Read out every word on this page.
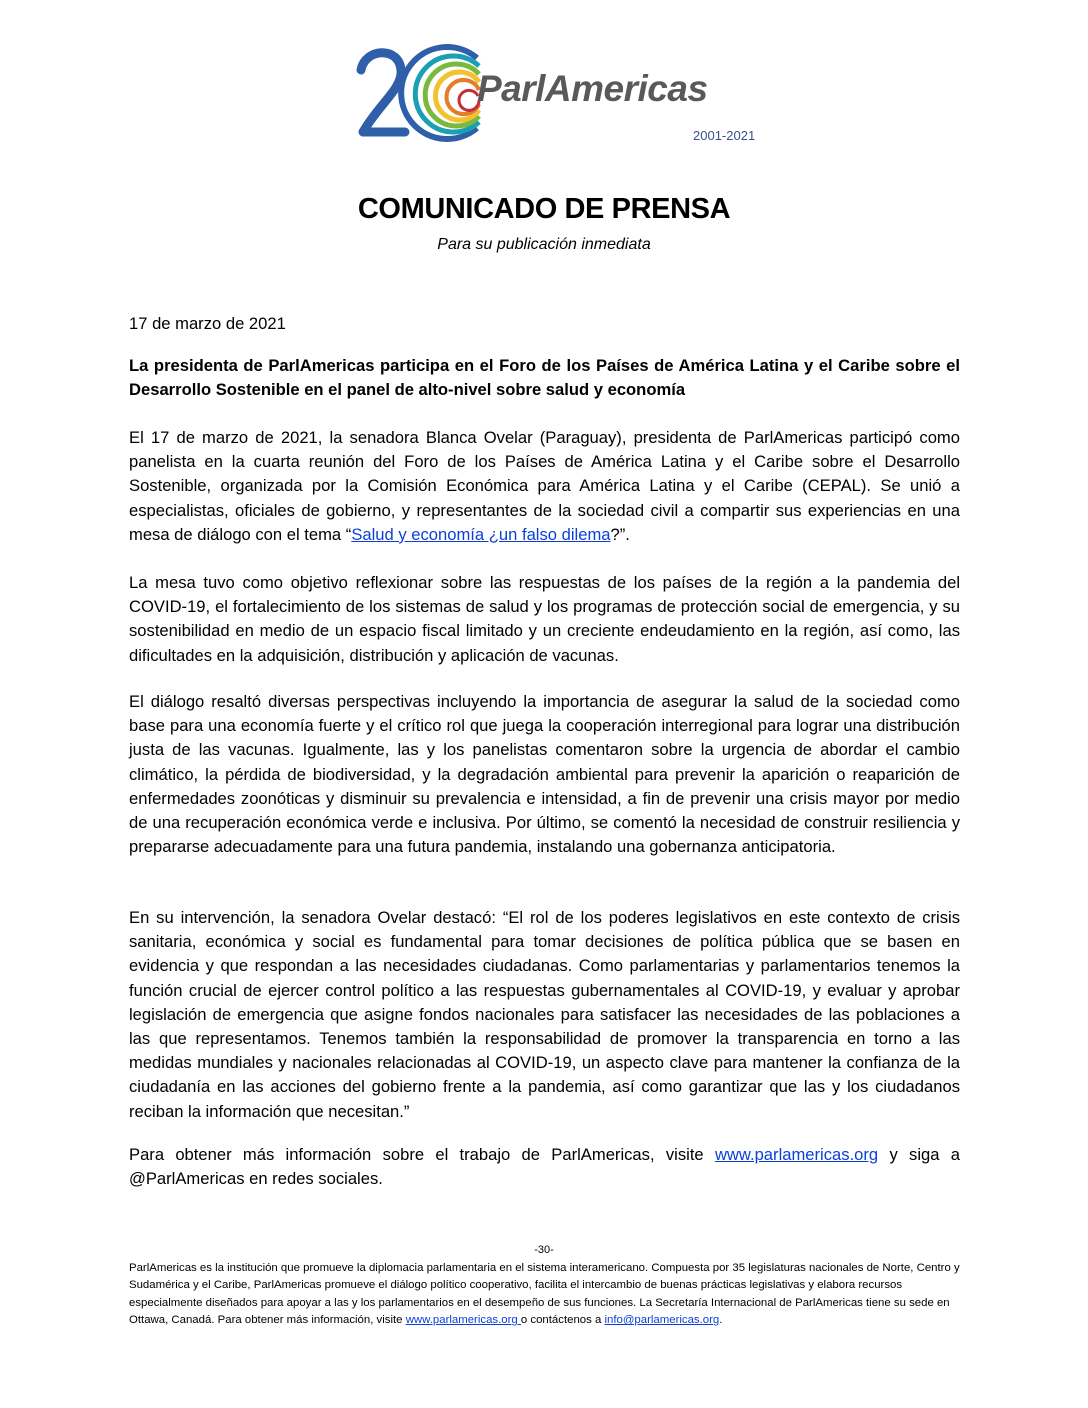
ParlAmericas
2001-2021
COMUNICADO DE PRENSA
Para su publicación inmediata
17 de marzo de 2021
La presidenta de ParlAmericas participa en el Foro de los Países de América Latina y el Caribe sobre el Desarrollo Sostenible en el panel de alto-nivel sobre salud y economía

El 17 de marzo de 2021, la senadora Blanca Ovelar (Paraguay), presidenta de ParlAmericas participó como panelista en la cuarta reunión del Foro de los Países de América Latina y el Caribe sobre el Desarrollo Sostenible, organizada por la Comisión Económica para América Latina y el Caribe (CEPAL). Se unió a especialistas, oficiales de gobierno, y representantes de la sociedad civil a compartir sus experiencias en una mesa de diálogo con el tema “Salud y economía ¿un falso dilema?”.

La mesa tuvo como objetivo reflexionar sobre las respuestas de los países de la región a la pandemia del COVID-19, el fortalecimiento de los sistemas de salud y los programas de protección social de emergencia, y su sostenibilidad en medio de un espacio fiscal limitado y un creciente endeudamiento en la región, así como, las dificultades en la adquisición, distribución y aplicación de vacunas.

El diálogo resaltó diversas perspectivas incluyendo la importancia de asegurar la salud de la sociedad como base para una economía fuerte y el crítico rol que juega la cooperación interregional para lograr una distribución justa de las vacunas. Igualmente, las y los panelistas comentaron sobre la urgencia de abordar el cambio climático, la pérdida de biodiversidad, y la degradación ambiental para prevenir la aparición o reaparición de enfermedades zoonóticas y disminuir su prevalencia e intensidad, a fin de prevenir una crisis mayor por medio de una recuperación económica verde e inclusiva. Por último, se comentó la necesidad de construir resiliencia y prepararse adecuadamente para una futura pandemia, instalando una gobernanza anticipatoria.

En su intervención, la senadora Ovelar destacó: “El rol de los poderes legislativos en este contexto de crisis sanitaria, económica y social es fundamental para tomar decisiones de política pública que se basen en evidencia y que respondan a las necesidades ciudadanas. Como parlamentarias y parlamentarios tenemos la función crucial de ejercer control político a las respuestas gubernamentales al COVID-19, y evaluar y aprobar legislación de emergencia que asigne fondos nacionales para satisfacer las necesidades de las poblaciones a las que representamos. Tenemos también la responsabilidad de promover la transparencia en torno a las medidas mundiales y nacionales relacionadas al COVID-19, un aspecto clave para mantener la confianza de la ciudadanía en las acciones del gobierno frente a la pandemia, así como garantizar que las y los ciudadanos reciban la información que necesitan.”

Para obtener más información sobre el trabajo de ParlAmericas, visite www.parlamericas.org y siga a @ParlAmericas en redes sociales.

-30-
ParlAmericas es la institución que promueve la diplomacia parlamentaria en el sistema interamericano. Compuesta por 35 legislaturas nacionales de Norte, Centro y Sudamérica y el Caribe, ParlAmericas promueve el diálogo político cooperativo, facilita el intercambio de buenas prácticas legislativas y elabora recursos especialmente diseñados para apoyar a las y los parlamentarios en el desempeño de sus funciones. La Secretaría Internacional de ParlAmericas tiene su sede en Ottawa, Canadá. Para obtener más información, visite www.parlamericas.org o contáctenos a info@parlamericas.org.
